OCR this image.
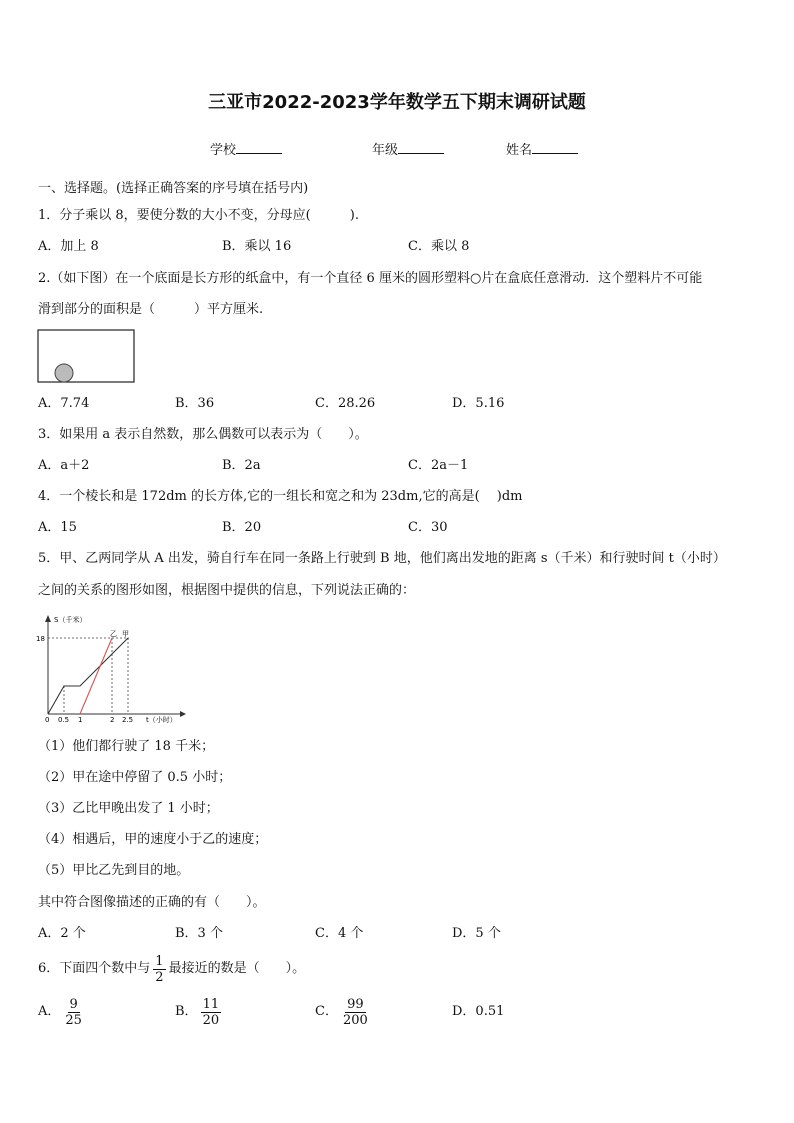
三亚市2022-2023学年数学五下期末调研试题
学校	年级	姓名
一、选择题。(选择正确答案的序号填在括号内)
1．分子乘以 8，要使分数的大小不变，分母应(　　　).
A．加上 8	B．乘以 16	C．乘以 8
2.（如下图）在一个底面是长方形的纸盒中，有一个直径 6 厘米的圆形塑料○片在盒底任意滑动．这个塑料片不可能
滑到部分的面积是（　　　）平方厘米.
A．7.74	B．36	C．28.26	D．5.16
3．如果用 a 表示自然数，那么偶数可以表示为（　　）。
A．a＋2	B．2a	C．2a－1
4．一个棱长和是 172dm 的长方体,它的一组长和宽之和为 23dm,它的高是(　 )dm
A．15	B．20	C．30
5．甲、乙两同学从 A 出发，骑自行车在同一条路上行驶到 B 地，他们离出发地的距离 s（千米）和行驶时间 t（小时）
之间的关系的图形如图，根据图中提供的信息，下列说法正确的：
S（千米）
t（小时）
18
乙 甲
0 0.5 1	2 2.5
（1）他们都行驶了 18 千米；
（2）甲在途中停留了 0.5 小时；
（3）乙比甲晚出发了 1 小时；
（4）相遇后，甲的速度小于乙的速度；
（5）甲比乙先到目的地。
其中符合图像描述的正确的有（　　）。
A．2 个	B．3 个	C．4 个	D．5 个
6．下面四个数中与 $\frac{1}{2}$ 最接近的数是（　　）。
A． $\frac{9}{25}$	B． $\frac{11}{20}$	C． $\frac{99}{200}$	D．0.51
